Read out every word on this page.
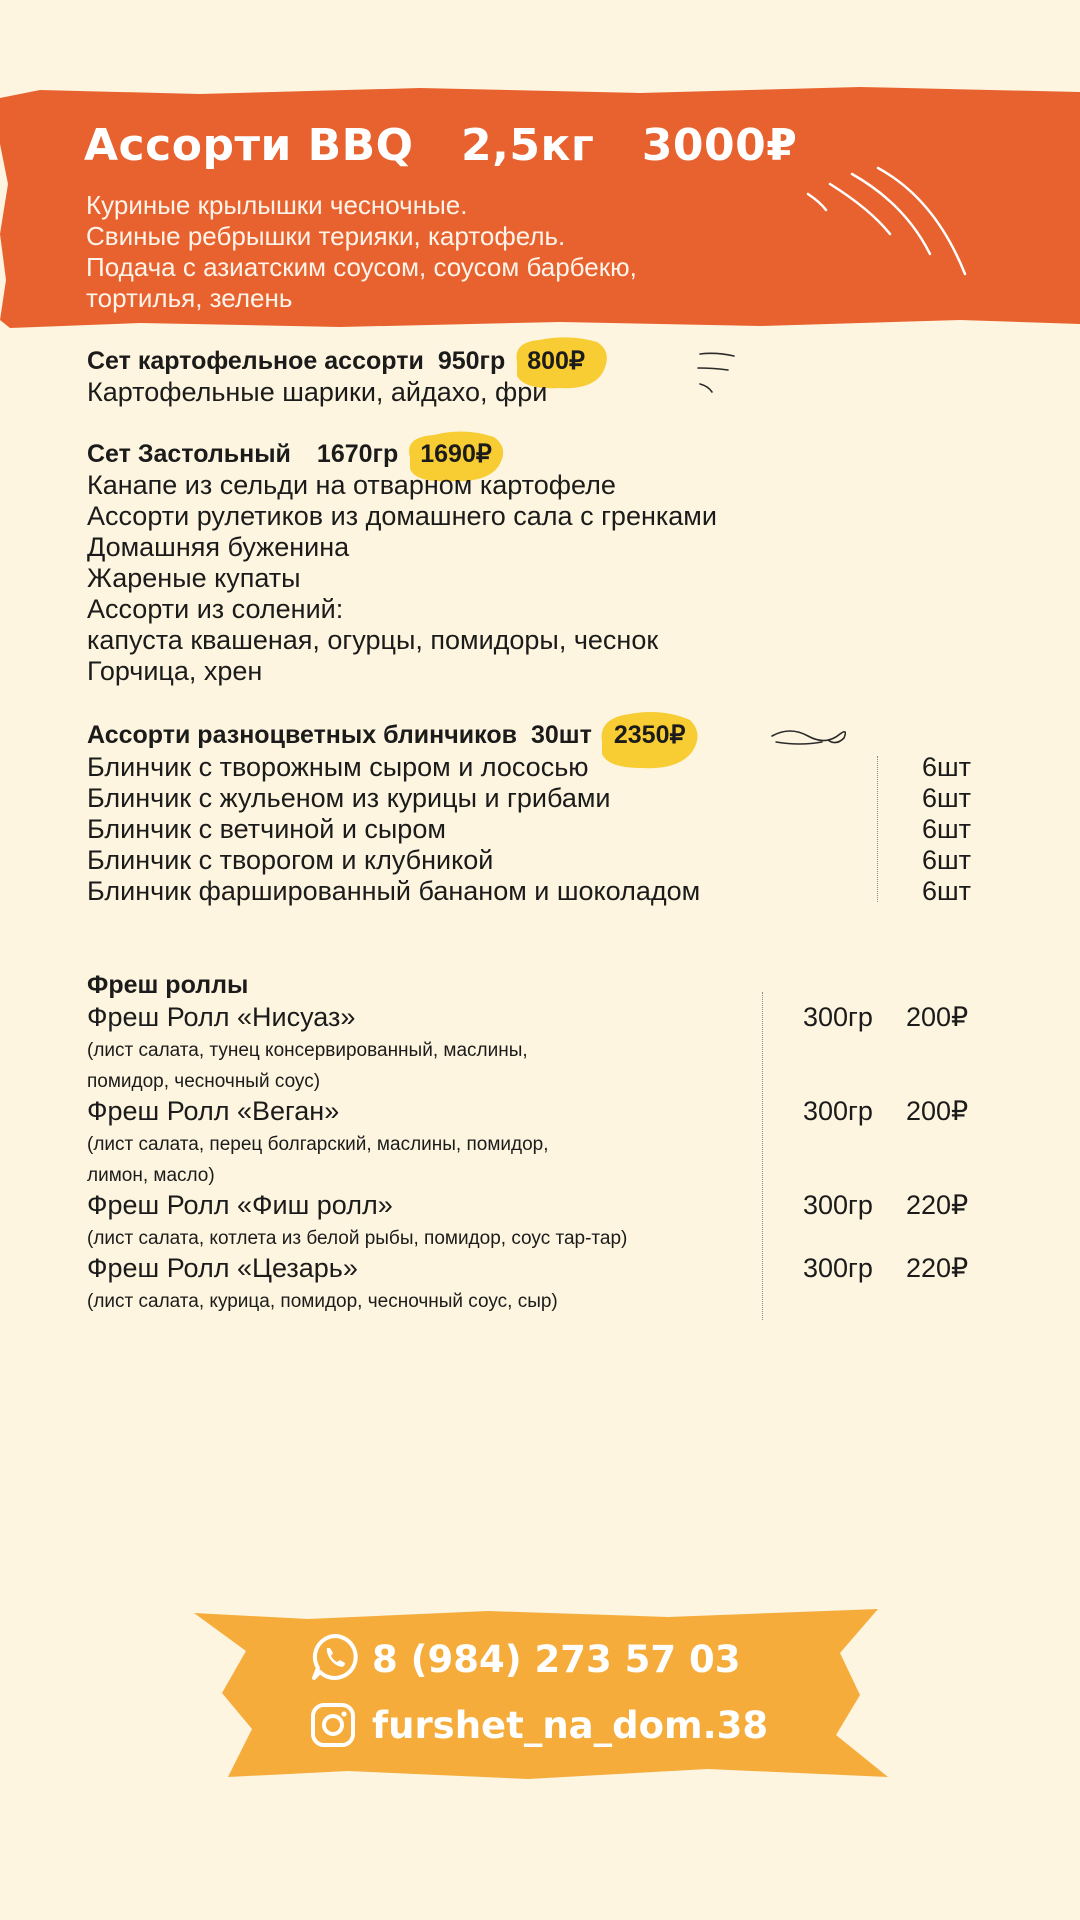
Ассорти BBQ 2,5кг 3000₽
Куриные крылышки чесночные.
Свиные ребрышки терияки, картофель.
Подача с азиатским соусом, соусом барбекю,
тортилья, зелень
Сет картофельное ассорти 950гр 800₽
Картофельные шарики, айдахо, фри
Сет Застольный 1670гр 1690₽
Канапе из сельди на отварном картофеле
Ассорти рулетиков из домашнего сала с гренками
Домашняя буженина
Жареные купаты
Ассорти из солений:
капуста квашеная, огурцы, помидоры, чеснок
Горчица, хрен
Ассорти разноцветных блинчиков 30шт 2350₽
Блинчик с творожным сыром и лососью	6шт
Блинчик с жульеном из курицы и грибами	6шт
Блинчик с ветчиной и сыром	6шт
Блинчик с творогом и клубникой	6шт
Блинчик фаршированный бананом и шоколадом	6шт
Фреш роллы
Фреш Ролл «Нисуаз»	300гр 200₽
(лист салата, тунец консервированный, маслины,
помидор, чесночный соус)
Фреш Ролл «Веган»	300гр 200₽
(лист салата, перец болгарский, маслины, помидор,
лимон, масло)
Фреш Ролл «Фиш ролл»	300гр 220₽
(лист салата, котлета из белой рыбы, помидор, соус тар-тар)
Фреш Ролл «Цезарь»	300гр 220₽
(лист салата, курица, помидор, чесночный соус, сыр)
8 (984) 273 57 03
furshet_na_dom.38
